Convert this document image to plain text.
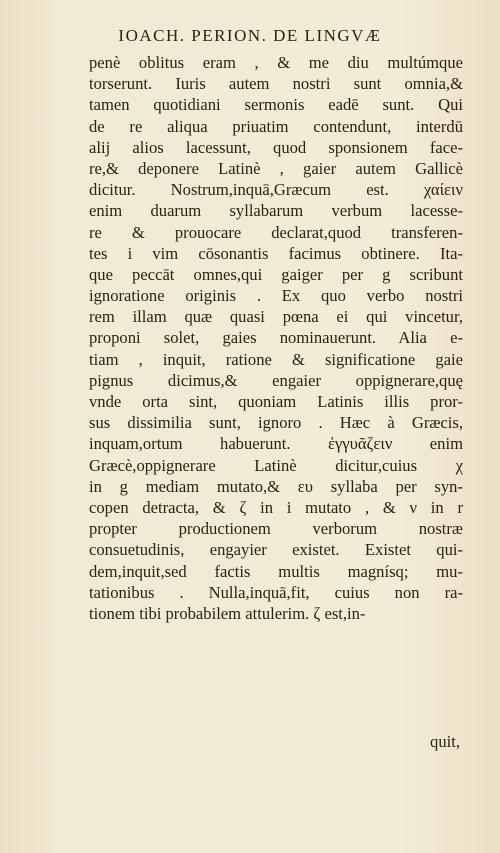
IOACH. PERION. DE LINGVÆ
penè oblitus eram , & me diu multúmque
torserunt. Iuris autem nostri sunt omnia,&
tamen quotidiani sermonis eadē sunt. Qui
de re aliqua priuatim contendunt, interdū
alij alios lacessunt, quod sponsionem face-
re,& deponere Latinè , gaier autem Gallicè
dicitur. Nostrum,inquā,Græcum est. χαίειν
enim duarum syllabarum verbum lacesse-
re & prouocare declarat,quod transferen-
tes i vim cōsonantis facimus obtinere. Ita-
que peccāt omnes,qui gaiger per g scribunt
ignoratione originis . Ex quo verbo nostri
rem illam quæ quasi pœna ei qui vincetur,
proponi solet, gaies nominauerunt. Alia e-
tiam , inquit, ratione & significatione gaie
pignus dicimus,& engaier oppignerare,quę
vnde orta sint, quoniam Latinis illis pror-
sus dissimilia sunt, ignoro . Hæc à Græcis,
inquam,ortum habuerunt. ἐγγυᾶζειν enim
Græcè,oppignerare Latinè dicitur,cuius χ
in g mediam mutato,& ευ syllaba per syn-
copen detracta, & ζ in i mutato , & ν in r
propter productionem verborum nostræ
consuetudinis, engayier existet. Existet qui-
dem,inquit,sed factis multis magnísq; mu-
tationibus . Nulla,inquā,fit, cuius non ra-
tionem tibi probabilem attulerim. ζ est,in-
quit,
